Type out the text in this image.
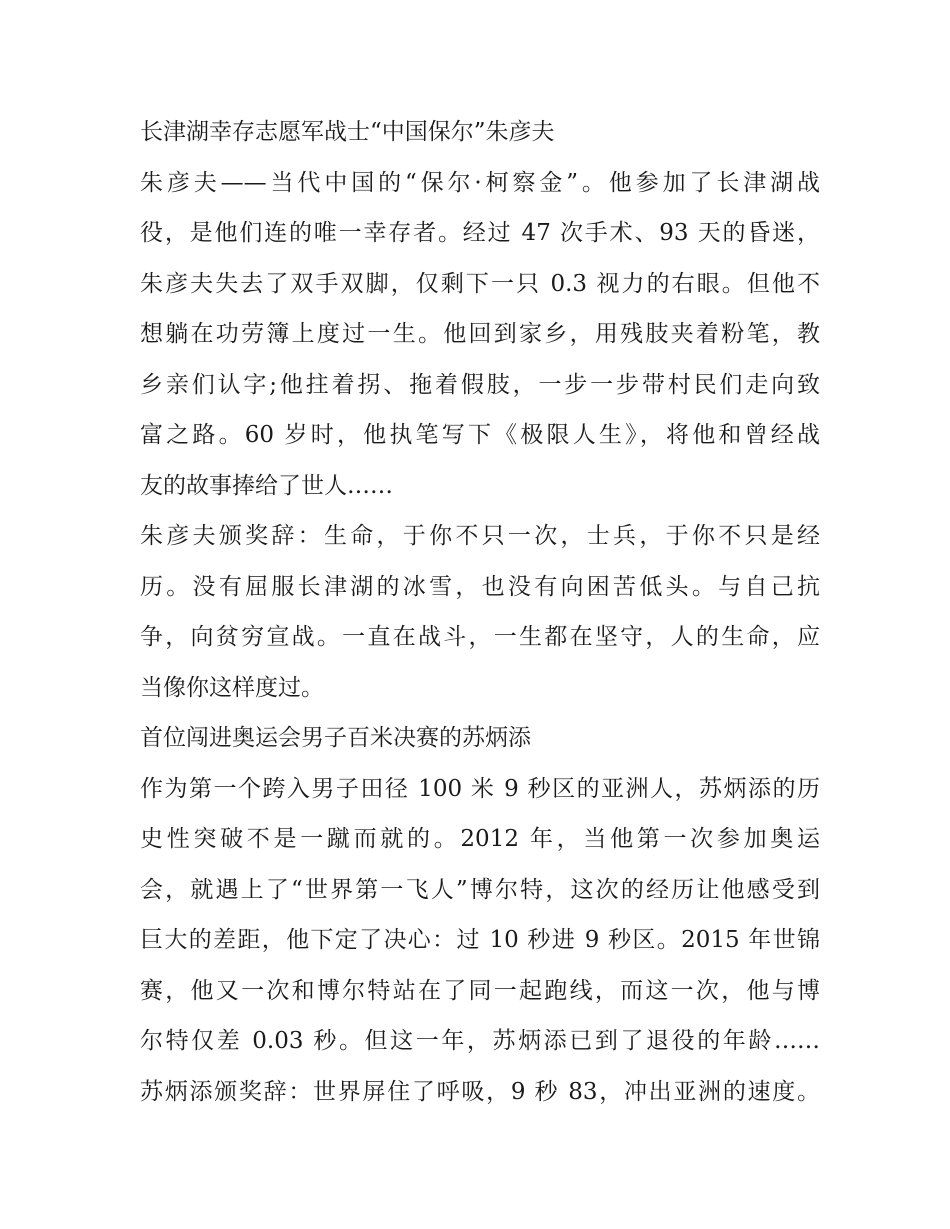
长津湖幸存志愿军战士“中国保尔”朱彦夫

朱彦夫——当代中国的“保尔·柯察金”。他参加了长津湖战

役，是他们连的唯一幸存者。经过 47 次手术、93 天的昏迷，

朱彦夫失去了双手双脚，仅剩下一只 0.3 视力的右眼。但他不

想躺在功劳簿上度过一生。他回到家乡，用残肢夹着粉笔，教

乡亲们认字;他拄着拐、拖着假肢，一步一步带村民们走向致

富之路。60 岁时，他执笔写下《极限人生》，将他和曾经战

友的故事捧给了世人……

朱彦夫颁奖辞：生命，于你不只一次，士兵，于你不只是经

历。没有屈服长津湖的冰雪，也没有向困苦低头。与自己抗

争，向贫穷宣战。一直在战斗，一生都在坚守，人的生命，应

当像你这样度过。

首位闯进奥运会男子百米决赛的苏炳添

作为第一个跨入男子田径 100 米 9 秒区的亚洲人，苏炳添的历

史性突破不是一蹴而就的。2012 年，当他第一次参加奥运

会，就遇上了“世界第一飞人”博尔特，这次的经历让他感受到

巨大的差距，他下定了决心：过 10 秒进 9 秒区。2015 年世锦

赛，他又一次和博尔特站在了同一起跑线，而这一次，他与博

尔特仅差 0.03 秒。但这一年，苏炳添已到了退役的年龄……

苏炳添颁奖辞：世界屏住了呼吸，9 秒 83，冲出亚洲的速度。
